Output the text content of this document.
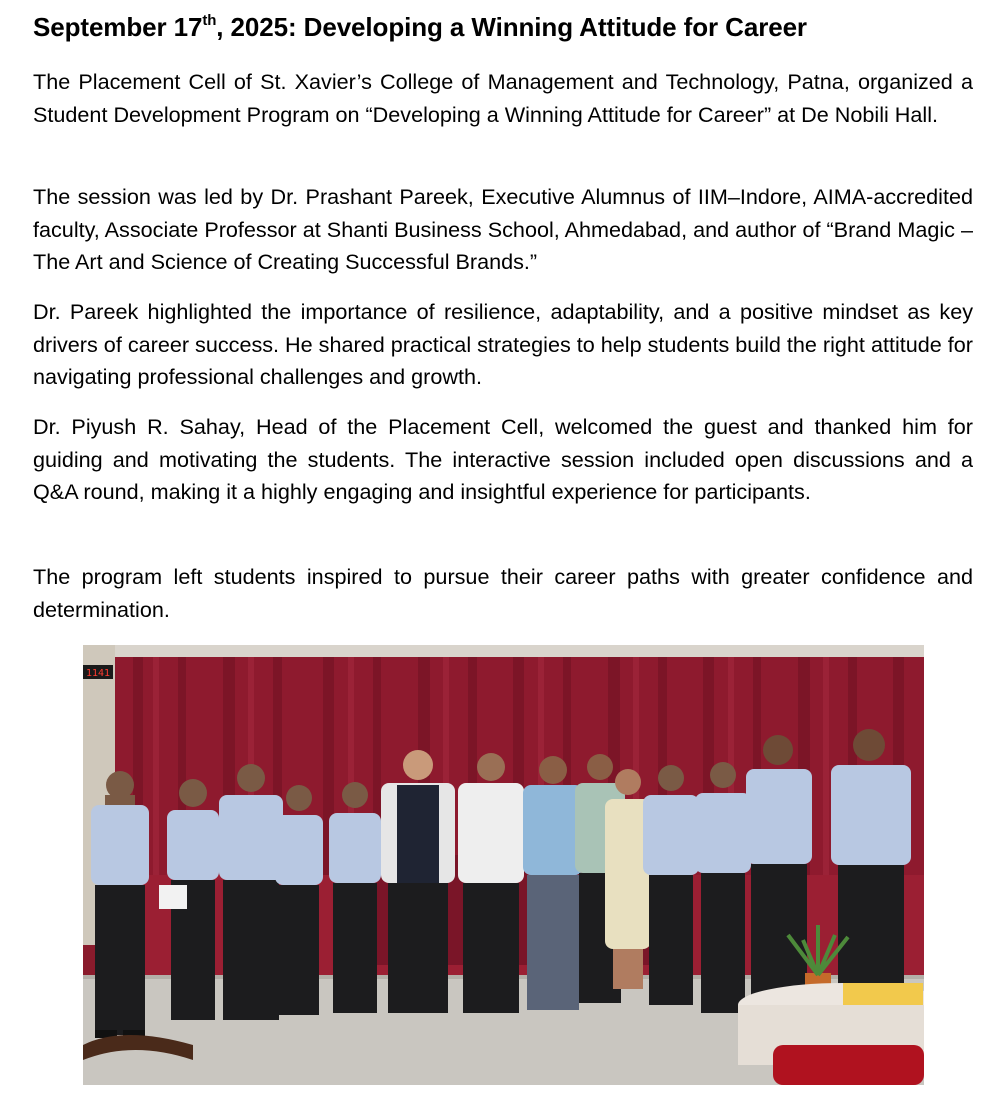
September 17th, 2025: Developing a Winning Attitude for Career

The Placement Cell of St. Xavier’s College of Management and Technology, Patna, organized a Student Development Program on “Developing a Winning Attitude for Career” at De Nobili Hall.

The session was led by Dr. Prashant Pareek, Executive Alumnus of IIM–Indore, AIMA-accredited faculty, Associate Professor at Shanti Business School, Ahmedabad, and author of “Brand Magic – The Art and Science of Creating Successful Brands.”

Dr. Pareek highlighted the importance of resilience, adaptability, and a positive mindset as key drivers of career success. He shared practical strategies to help students build the right attitude for navigating professional challenges and growth.

Dr. Piyush R. Sahay, Head of the Placement Cell, welcomed the guest and thanked him for guiding and motivating the students. The interactive session included open discussions and a Q&A round, making it a highly engaging and insightful experience for participants.

The program left students inspired to pursue their career paths with greater confidence and determination.

1141
